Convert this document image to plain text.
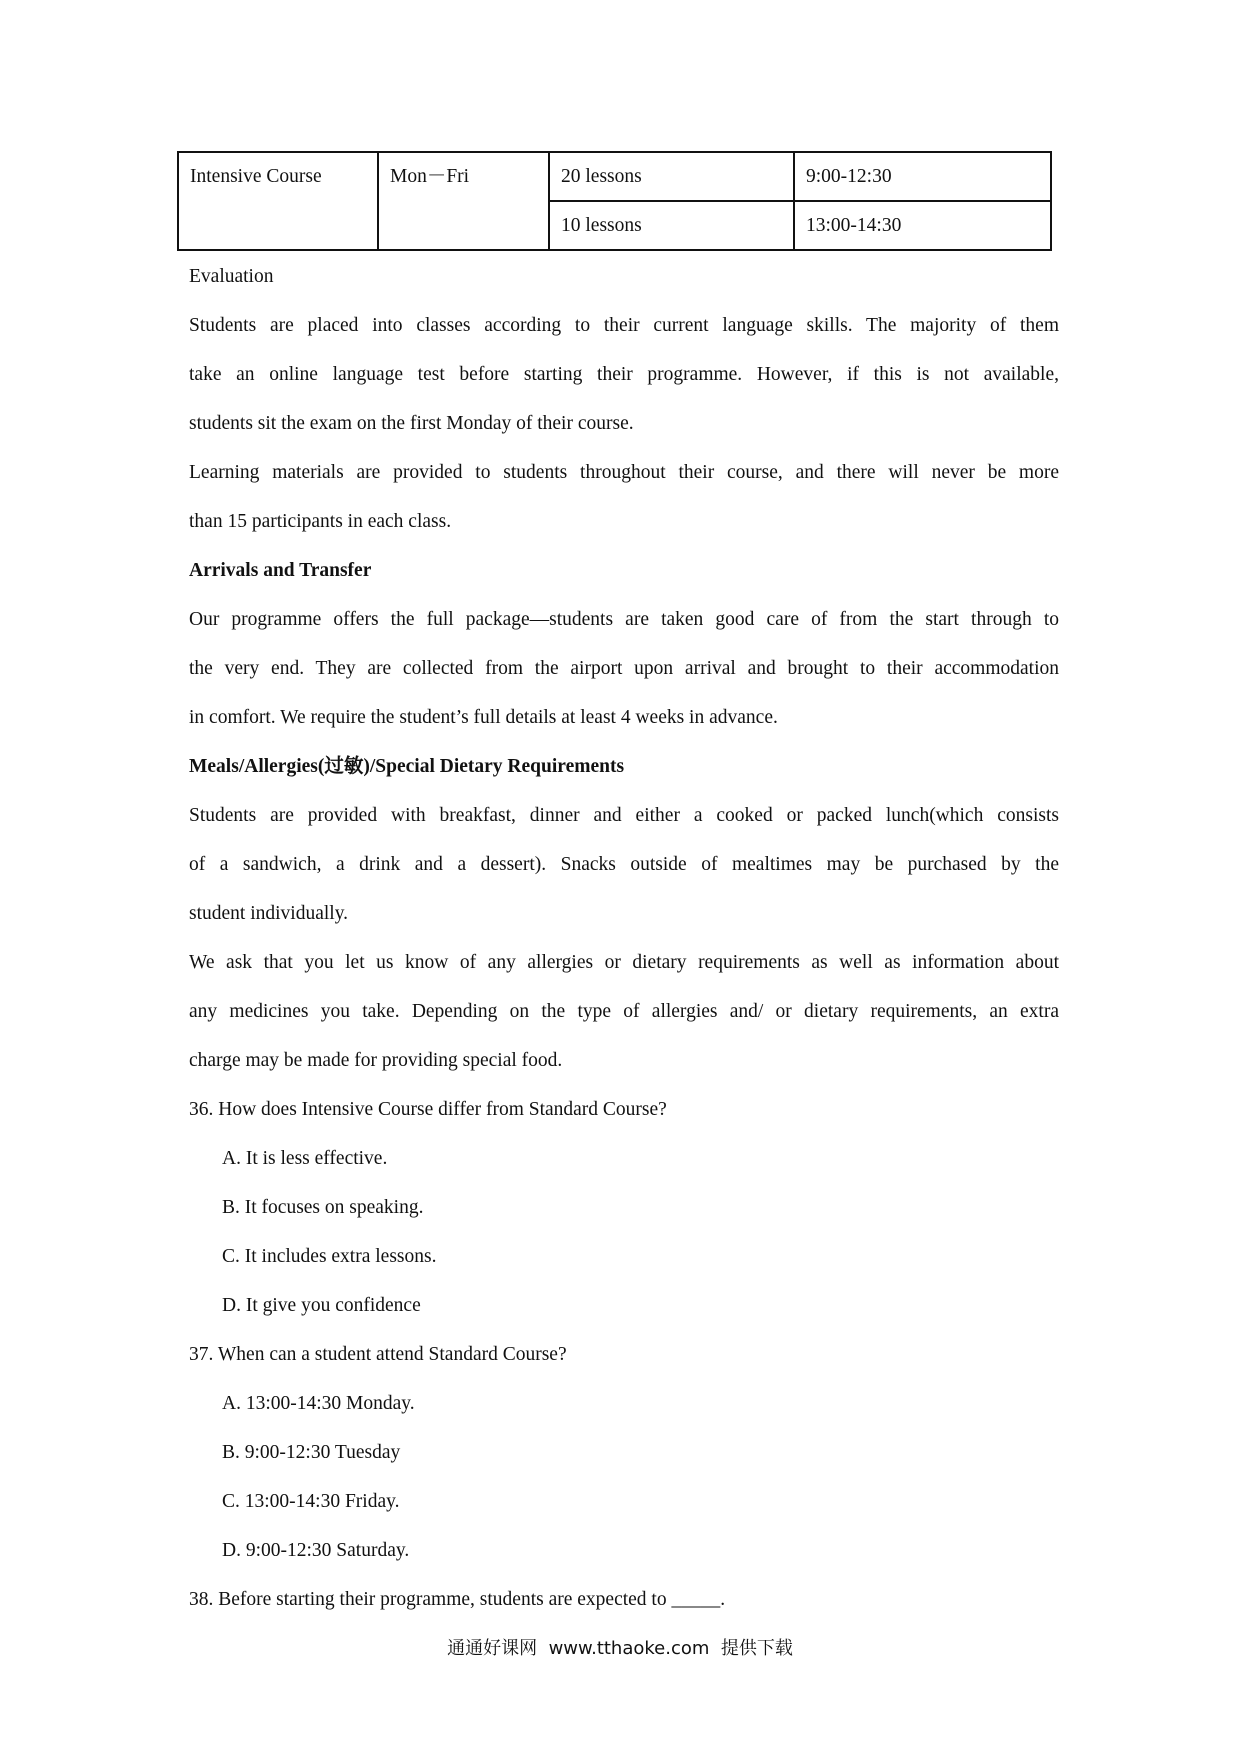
Intensive Course	Mon－Fri	20 lessons	9:00-12:30
		10 lessons	13:00-14:30
Evaluation
Students are placed into classes according to their current language skills. The majority of them
take an online language test before starting their programme. However, if this is not available,
students sit the exam on the first Monday of their course.
Learning materials are provided to students throughout their course, and there will never be more
than 15 participants in each class.
Arrivals and Transfer
Our programme offers the full package—students are taken good care of from the start through to
the very end. They are collected from the airport upon arrival and brought to their accommodation
in comfort. We require the student’s full details at least 4 weeks in advance.
Meals/Allergies(过敏)/Special Dietary Requirements
Students are provided with breakfast, dinner and either a cooked or packed lunch(which consists
of a sandwich, a drink and a dessert). Snacks outside of mealtimes may be purchased by the
student individually.
We ask that you let us know of any allergies or dietary requirements as well as information about
any medicines you take. Depending on the type of allergies and/ or dietary requirements, an extra
charge may be made for providing special food.
36. How does Intensive Course differ from Standard Course?
A. It is less effective.
B. It focuses on speaking.
C. It includes extra lessons.
D. It give you confidence
37. When can a student attend Standard Course?
A. 13:00-14:30 Monday.
B. 9:00-12:30 Tuesday
C. 13:00-14:30 Friday.
D. 9:00-12:30 Saturday.
38. Before starting their programme, students are expected to _____.
通通好课网  www.tthaoke.com  提供下载
